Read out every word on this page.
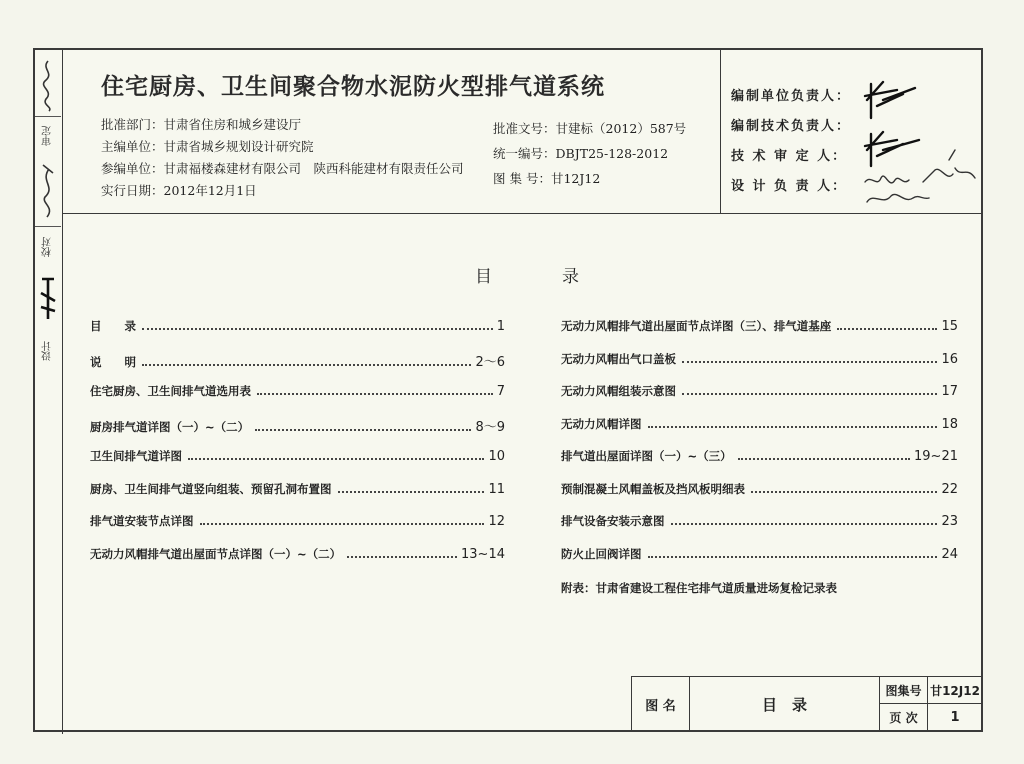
审定
校对
设计
住宅厨房、卫生间聚合物水泥防火型排气道系统
批准部门：甘肃省住房和城乡建设厅
主编单位：甘肃省城乡规划设计研究院
参编单位：甘肃福楼森建材有限公司　陕西科能建材有限责任公司
实行日期：2012年12月1日
批准文号：甘建标（2012）587号
统一编号：DBJT25-128-2012
图 集 号：甘12J12
编制单位负责人：
编制技术负责人：
技 术 审 定 人：
设 计 负 责 人：
目	录
目　　录	1
说　　明	2～6
住宅厨房、卫生间排气道选用表	7
厨房排气道详图（一）~（二）	8～9
卫生间排气道详图	10
厨房、卫生间排气道竖向组装、预留孔洞布置图	11
排气道安装节点详图	12
无动力风帽排气道出屋面节点详图（一）~（二）	13~14
无动力风帽排气道出屋面节点详图（三）、排气道基座	15
无动力风帽出气口盖板	16
无动力风帽组装示意图	17
无动力风帽详图	18
排气道出屋面详图（一）~（三）	19~21
预制混凝土风帽盖板及挡风板明细表	22
排气设备安装示意图	23
防火止回阀详图	24
附表：甘肃省建设工程住宅排气道质量进场复检记录表
图 名	目　录
图集号 甘12J12
页 次	1
